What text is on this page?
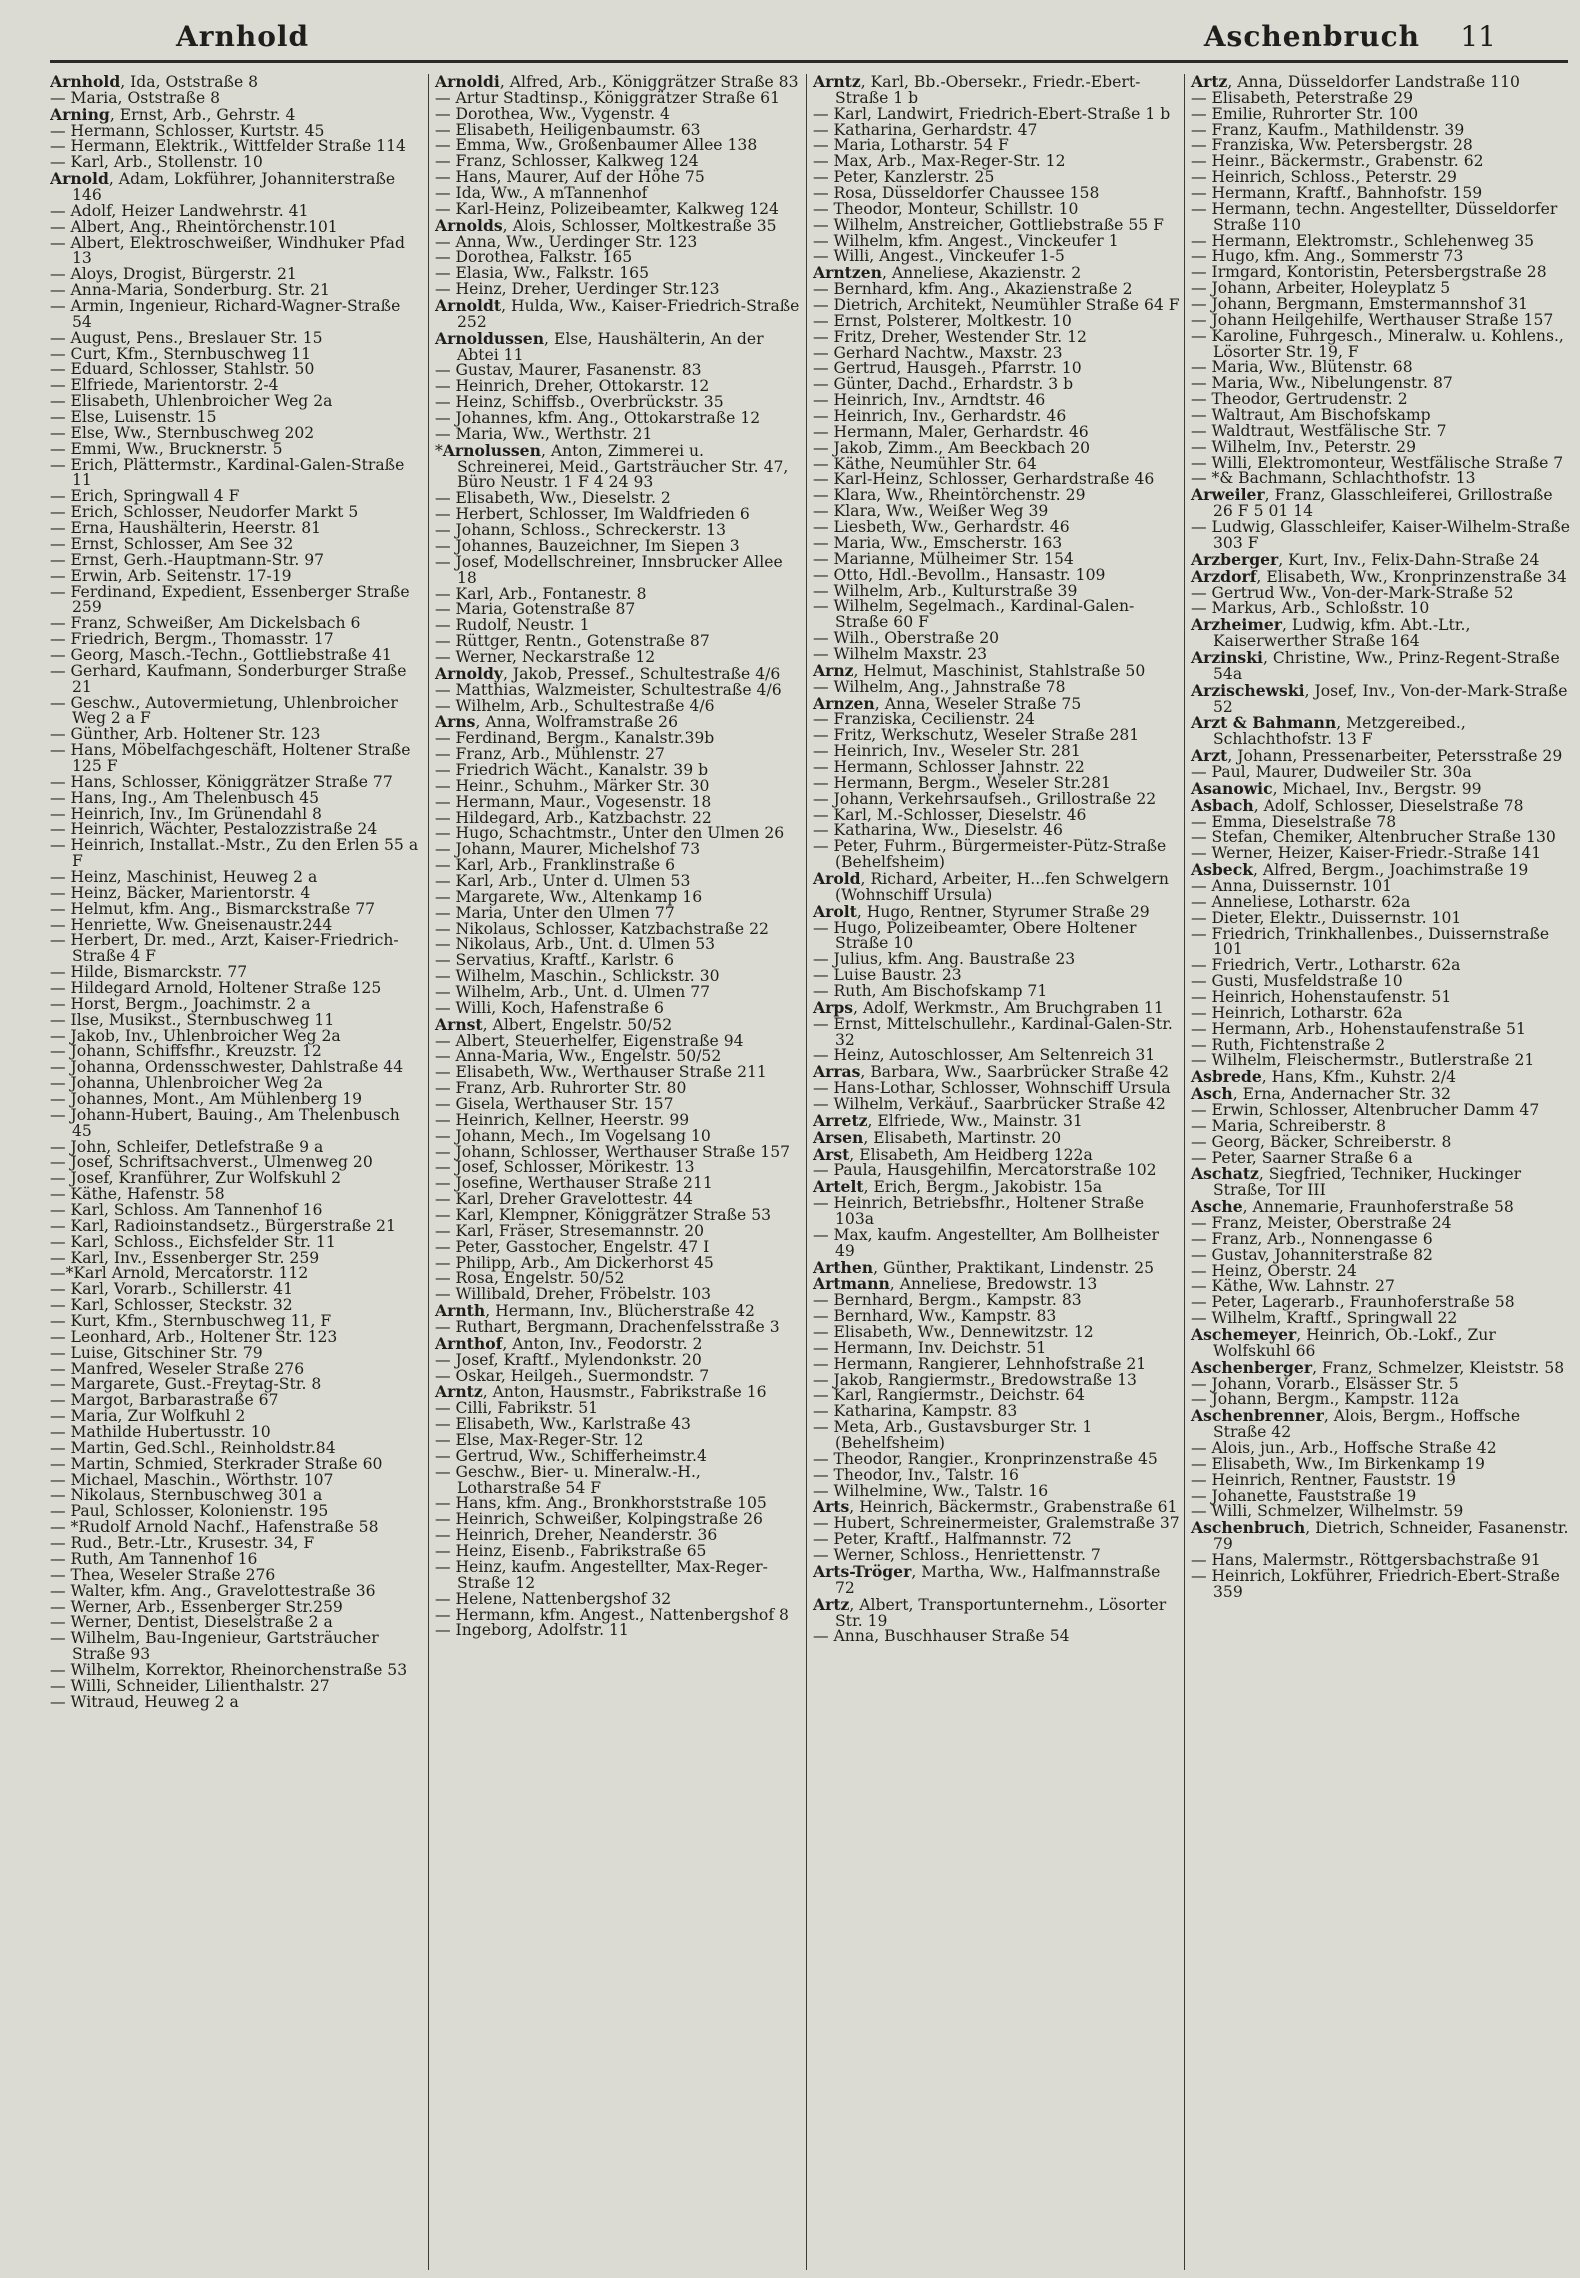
Arnhold	Aschenbruch 11

Arnhold, Ida, Oststraße 8

— Maria, Oststraße 8

Arning, Ernst, Arb., Gehrstr. 4

— Hermann, Schlosser, Kurtstr. 45

— Hermann, Elektrik., Wittfelder Straße 114

— Karl, Arb., Stollenstr. 10

Arnold, Adam, Lokführer, Johanniterstraße 146

— Adolf, Heizer Landwehrstr. 41

— Albert, Ang., Rheintörchenstr.101

— Albert, Elektroschweißer, Windhuker Pfad 13

— Aloys, Drogist, Bürgerstr. 21

— Anna-Maria, Sonderburg. Str. 21

— Armin, Ingenieur, Richard-Wagner-Straße 54

— August, Pens., Breslauer Str. 15

— Curt, Kfm., Sternbuschweg 11

— Eduard, Schlosser, Stahlstr. 50

— Elfriede, Marientorstr. 2-4

— Elisabeth, Uhlenbroicher Weg 2a

— Else, Luisenstr. 15

— Else, Ww., Sternbuschweg 202

— Emmi, Ww., Brucknerstr. 5

— Erich, Plättermstr., Kardinal-Galen-Straße 11

— Erich, Springwall 4 F

— Erich, Schlosser, Neudorfer Markt 5

— Erna, Haushälterin, Heerstr. 81

— Ernst, Schlosser, Am See 32

— Ernst, Gerh.-Hauptmann-Str. 97

— Erwin, Arb. Seitenstr. 17-19

— Ferdinand, Expedient, Essenberger Straße 259

— Franz, Schweißer, Am Dickelsbach 6

— Friedrich, Bergm., Thomasstr. 17

— Georg, Masch.-Techn., Gottliebstraße 41

— Gerhard, Kaufmann, Sonderburger Straße 21

— Geschw., Autovermietung, Uhlenbroicher Weg 2 a F

— Günther, Arb. Holtener Str. 123

— Hans, Möbelfachgeschäft, Holtener Straße 125 F

— Hans, Schlosser, Königgrätzer Straße 77

— Hans, Ing., Am Thelenbusch 45

— Heinrich, Inv., Im Grünendahl 8

— Heinrich, Wächter, Pestalozzistraße 24

— Heinrich, Installat.-Mstr., Zu den Erlen 55 a F

— Heinz, Maschinist, Heuweg 2 a

— Heinz, Bäcker, Marientorstr. 4

— Helmut, kfm. Ang., Bismarckstraße 77

— Henriette, Ww. Gneisenaustr.244

— Herbert, Dr. med., Arzt, Kaiser-Friedrich-Straße 4 F

— Hilde, Bismarckstr. 77

— Hildegard Arnold, Holtener Straße 125

— Horst, Bergm., Joachimstr. 2 a

— Ilse, Musikst., Sternbuschweg 11

— Jakob, Inv., Uhlenbroicher Weg 2a

— Johann, Schiffsfhr., Kreuzstr. 12

— Johanna, Ordensschwester, Dahlstraße 44

— Johanna, Uhlenbroicher Weg 2a

— Johannes, Mont., Am Mühlenberg 19

— Johann-Hubert, Bauing., Am Thelenbusch 45

— John, Schleifer, Detlefstraße 9 a

— Josef, Schriftsachverst., Ulmenweg 20

— Josef, Kranführer, Zur Wolfskuhl 2

— Käthe, Hafenstr. 58

— Karl, Schloss. Am Tannenhof 16

— Karl, Radioinstandsetz., Bürgerstraße 21

— Karl, Schloss., Eichsfelder Str. 11

— Karl, Inv., Essenberger Str. 259

—*Karl Arnold, Mercatorstr. 112

— Karl, Vorarb., Schillerstr. 41

— Karl, Schlosser, Steckstr. 32

— Kurt, Kfm., Sternbuschweg 11, F

— Leonhard, Arb., Holtener Str. 123

— Luise, Gitschiner Str. 79

— Manfred, Weseler Straße 276

— Margarete, Gust.-Freytag-Str. 8

— Margot, Barbarastraße 67

— Maria, Zur Wolfkuhl 2

— Mathilde Hubertusstr. 10

— Martin, Ged.Schl., Reinholdstr.84

— Martin, Schmied, Sterkrader Straße 60

— Michael, Maschin., Wörthstr. 107

— Nikolaus, Sternbuschweg 301 a

— Paul, Schlosser, Kolonienstr. 195

— *Rudolf Arnold Nachf., Hafenstraße 58

— Rud., Betr.-Ltr., Krusestr. 34, F

— Ruth, Am Tannenhof 16

— Thea, Weseler Straße 276

— Walter, kfm. Ang., Gravelottestraße 36

— Werner, Arb., Essenberger Str.259

— Werner, Dentist, Dieselstraße 2 a

— Wilhelm, Bau-Ingenieur, Gartsträucher Straße 93

— Wilhelm, Korrektor, Rheinorchenstraße 53

— Willi, Schneider, Lilienthalstr. 27

— Witraud, Heuweg 2 a

Arnoldi, Alfred, Arb., Königgrätzer Straße 83

— Artur Stadtinsp., Königgrätzer Straße 61

— Dorothea, Ww., Vygenstr. 4

— Elisabeth, Heiligenbaumstr. 63

— Emma, Ww., Großenbaumer Allee 138

— Franz, Schlosser, Kalkweg 124

— Hans, Maurer, Auf der Höhe 75

— Ida, Ww., A mTannenhof

— Karl-Heinz, Polizeibeamter, Kalkweg 124

Arnolds, Alois, Schlosser, Moltkestraße 35

— Anna, Ww., Uerdinger Str. 123

— Dorothea, Falkstr. 165

— Elasia, Ww., Falkstr. 165

— Heinz, Dreher, Uerdinger Str.123

Arnoldt, Hulda, Ww., Kaiser-Friedrich-Straße 252

Arnoldussen, Else, Haushälterin, An der Abtei 11

— Gustav, Maurer, Fasanenstr. 83

— Heinrich, Dreher, Ottokarstr. 12

— Heinz, Schiffsb., Overbrückstr. 35

— Johannes, kfm. Ang., Ottokarstraße 12

— Maria, Ww., Werthstr. 21

*Arnolussen, Anton, Zimmerei u. Schreinerei, Meid., Gartsträucher Str. 47, Büro Neustr. 1 F 4 24 93

— Elisabeth, Ww., Dieselstr. 2

— Herbert, Schlosser, Im Waldfrieden 6

— Johann, Schloss., Schreckerstr. 13

— Johannes, Bauzeichner, Im Siepen 3

— Josef, Modellschreiner, Innsbrucker Allee 18

— Karl, Arb., Fontanestr. 8

— Maria, Gotenstraße 87

— Rudolf, Neustr. 1

— Rüttger, Rentn., Gotenstraße 87

— Werner, Neckarstraße 12

Arnoldy, Jakob, Pressef., Schultestraße 4/6

— Matthias, Walzmeister, Schultestraße 4/6

— Wilhelm, Arb., Schultestraße 4/6

Arns, Anna, Wolframstraße 26

— Ferdinand, Bergm., Kanalstr.39b

— Franz, Arb., Mühlenstr. 27

— Friedrich Wächt., Kanalstr. 39 b

— Heinr., Schuhm., Märker Str. 30

— Hermann, Maur., Vogesenstr. 18

— Hildegard, Arb., Katzbachstr. 22

— Hugo, Schachtmstr., Unter den Ulmen 26

— Johann, Maurer, Michelshof 73

— Karl, Arb., Franklinstraße 6

— Karl, Arb., Unter d. Ulmen 53

— Margarete, Ww., Altenkamp 16

— Maria, Unter den Ulmen 77

— Nikolaus, Schlosser, Katzbachstraße 22

— Nikolaus, Arb., Unt. d. Ulmen 53

— Servatius, Kraftf., Karlstr. 6

— Wilhelm, Maschin., Schlickstr. 30

— Wilhelm, Arb., Unt. d. Ulmen 77

— Willi, Koch, Hafenstraße 6

Arnst, Albert, Engelstr. 50/52

— Albert, Steuerhelfer, Eigenstraße 94

— Anna-Maria, Ww., Engelstr. 50/52

— Elisabeth, Ww., Werthauser Straße 211

— Franz, Arb. Ruhrorter Str. 80

— Gisela, Werthauser Str. 157

— Heinrich, Kellner, Heerstr. 99

— Johann, Mech., Im Vogelsang 10

— Johann, Schlosser, Werthauser Straße 157

— Josef, Schlosser, Mörikestr. 13

— Josefine, Werthauser Straße 211

— Karl, Dreher Gravelottestr. 44

— Karl, Klempner, Königgrätzer Straße 53

— Karl, Fräser, Stresemannstr. 20

— Peter, Gasstocher, Engelstr. 47 I

— Philipp, Arb., Am Dickerhorst 45

— Rosa, Engelstr. 50/52

— Willibald, Dreher, Fröbelstr. 103

Arnth, Hermann, Inv., Blücherstraße 42

— Ruthart, Bergmann, Drachenfelsstraße 3

Arnthof, Anton, Inv., Feodorstr. 2

— Josef, Kraftf., Mylendonkstr. 20

— Oskar, Heilgeh., Suermondstr. 7

Arntz, Anton, Hausmstr., Fabrikstraße 16

— Cilli, Fabrikstr. 51

— Elisabeth, Ww., Karlstraße 43

— Else, Max-Reger-Str. 12

— Gertrud, Ww., Schifferheimstr.4

— Geschw., Bier- u. Mineralw.-H., Lotharstraße 54 F

— Hans, kfm. Ang., Bronkhorststraße 105

— Heinrich, Schweißer, Kolpingstraße 26

— Heinrich, Dreher, Neanderstr. 36

— Heinz, Eisenb., Fabrikstraße 65

— Heinz, kaufm. Angestellter, Max-Reger-Straße 12

— Helene, Nattenbergshof 32

— Hermann, kfm. Angest., Nattenbergshof 8

— Ingeborg, Adolfstr. 11

Arntz, Karl, Bb.-Obersekr., Friedr.-Ebert-Straße 1 b

— Karl, Landwirt, Friedrich-Ebert-Straße 1 b

— Katharina, Gerhardstr. 47

— Maria, Lotharstr. 54 F

— Max, Arb., Max-Reger-Str. 12

— Peter, Kanzlerstr. 25

— Rosa, Düsseldorfer Chaussee 158

— Theodor, Monteur, Schillstr. 10

— Wilhelm, Anstreicher, Gottliebstraße 55 F

— Wilhelm, kfm. Angest., Vinckeufer 1

— Willi, Angest., Vinckeufer 1-5

Arntzen, Anneliese, Akazienstr. 2

— Bernhard, kfm. Ang., Akazienstraße 2

— Dietrich, Architekt, Neumühler Straße 64 F

— Ernst, Polsterer, Moltkestr. 10

— Fritz, Dreher, Westender Str. 12

— Gerhard Nachtw., Maxstr. 23

— Gertrud, Hausgeh., Pfarrstr. 10

— Günter, Dachd., Erhardstr. 3 b

— Heinrich, Inv., Arndtstr. 46

— Heinrich, Inv., Gerhardstr. 46

— Hermann, Maler, Gerhardstr. 46

— Jakob, Zimm., Am Beeckbach 20

— Käthe, Neumühler Str. 64

— Karl-Heinz, Schlosser, Gerhardstraße 46

— Klara, Ww., Rheintörchenstr. 29

— Klara, Ww., Weißer Weg 39

— Liesbeth, Ww., Gerhardstr. 46

— Maria, Ww., Emscherstr. 163

— Marianne, Mülheimer Str. 154

— Otto, Hdl.-Bevollm., Hansastr. 109

— Wilhelm, Arb., Kulturstraße 39

— Wilhelm, Segelmach., Kardinal-Galen-Straße 60 F

— Wilh., Oberstraße 20

— Wilhelm Maxstr. 23

Arnz, Helmut, Maschinist, Stahlstraße 50

— Wilhelm, Ang., Jahnstraße 78

Arnzen, Anna, Weseler Straße 75

— Franziska, Cecilienstr. 24

— Fritz, Werkschutz, Weseler Straße 281

— Heinrich, Inv., Weseler Str. 281

— Hermann, Schlosser Jahnstr. 22

— Hermann, Bergm., Weseler Str.281

— Johann, Verkehrsaufseh., Grillostraße 22

— Karl, M.-Schlosser, Dieselstr. 46

— Katharina, Ww., Dieselstr. 46

— Peter, Fuhrm., Bürgermeister-Pütz-Straße (Behelfsheim)

Arold, Richard, Arbeiter, H...fen Schwelgern (Wohnschiff Ursula)

Arolt, Hugo, Rentner, Styrumer Straße 29

— Hugo, Polizeibeamter, Obere Holtener Straße 10

— Julius, kfm. Ang. Baustraße 23

— Luise Baustr. 23

— Ruth, Am Bischofskamp 71

Arps, Adolf, Werkmstr., Am Bruchgraben 11

— Ernst, Mittelschullehr., Kardinal-Galen-Str. 32

— Heinz, Autoschlosser, Am Seltenreich 31

Arras, Barbara, Ww., Saarbrücker Straße 42

— Hans-Lothar, Schlosser, Wohnschiff Ursula

— Wilhelm, Verkäuf., Saarbrücker Straße 42

Arretz, Elfriede, Ww., Mainstr. 31

Arsen, Elisabeth, Martinstr. 20

Arst, Elisabeth, Am Heidberg 122a

— Paula, Hausgehilfin, Mercatorstraße 102

Artelt, Erich, Bergm., Jakobistr. 15a

— Heinrich, Betriebsfhr., Holtener Straße 103a

— Max, kaufm. Angestellter, Am Bollheister 49

Arthen, Günther, Praktikant, Lindenstr. 25

Artmann, Anneliese, Bredowstr. 13

— Bernhard, Bergm., Kampstr. 83

— Bernhard, Ww., Kampstr. 83

— Elisabeth, Ww., Dennewitzstr. 12

— Hermann, Inv. Deichstr. 51

— Hermann, Rangierer, Lehnhofstraße 21

— Jakob, Rangiermstr., Bredowstraße 13

— Karl, Rangiermstr., Deichstr. 64

— Katharina, Kampstr. 83

— Meta, Arb., Gustavsburger Str. 1 (Behelfsheim)

— Theodor, Rangier., Kronprinzenstraße 45

— Theodor, Inv., Talstr. 16

— Wilhelmine, Ww., Talstr. 16

Arts, Heinrich, Bäckermstr., Grabenstraße 61

— Hubert, Schreinermeister, Gralemstraße 37

— Peter, Kraftf., Halfmannstr. 72

— Werner, Schloss., Henriettenstr. 7

Arts-Tröger, Martha, Ww., Halfmannstraße 72

Artz, Albert, Transportunternehm., Lösorter Str. 19

— Anna, Buschhauser Straße 54

Artz, Anna, Düsseldorfer Landstraße 110

— Elisabeth, Peterstraße 29

— Emilie, Ruhrorter Str. 100

— Franz, Kaufm., Mathildenstr. 39

— Franziska, Ww. Petersbergstr. 28

— Heinr., Bäckermstr., Grabenstr. 62

— Heinrich, Schloss., Peterstr. 29

— Hermann, Kraftf., Bahnhofstr. 159

— Hermann, techn. Angestellter, Düsseldorfer Straße 110

— Hermann, Elektromstr., Schlehenweg 35

— Hugo, kfm. Ang., Sommerstr 73

— Irmgard, Kontoristin, Petersbergstraße 28

— Johann, Arbeiter, Holeyplatz 5

— Johann, Bergmann, Emstermannshof 31

— Johann Heilgehilfe, Werthauser Straße 157

— Karoline, Fuhrgesch., Mineralw. u. Kohlens., Lösorter Str. 19, F

— Maria, Ww., Blütenstr. 68

— Maria, Ww., Nibelungenstr. 87

— Theodor, Gertrudenstr. 2

— Waltraut, Am Bischofskamp

— Waldtraut, Westfälische Str. 7

— Wilhelm, Inv., Peterstr. 29

— Willi, Elektromonteur, Westfälische Straße 7

— *& Bachmann, Schlachthofstr. 13

Arweiler, Franz, Glasschleiferei, Grillostraße 26 F 5 01 14

— Ludwig, Glasschleifer, Kaiser-Wilhelm-Straße 303 F

Arzberger, Kurt, Inv., Felix-Dahn-Straße 24

Arzdorf, Elisabeth, Ww., Kronprinzenstraße 34

— Gertrud Ww., Von-der-Mark-Straße 52

— Markus, Arb., Schloßstr. 10

Arzheimer, Ludwig, kfm. Abt.-Ltr., Kaiserwerther Straße 164

Arzinski, Christine, Ww., Prinz-Regent-Straße 54a

Arzischewski, Josef, Inv., Von-der-Mark-Straße 52

Arzt & Bahmann, Metzgereibed., Schlachthofstr. 13 F

Arzt, Johann, Pressenarbeiter, Petersstraße 29

— Paul, Maurer, Dudweiler Str. 30a

Asanowic, Michael, Inv., Bergstr. 99

Asbach, Adolf, Schlosser, Dieselstraße 78

— Emma, Dieselstraße 78

— Stefan, Chemiker, Altenbrucher Straße 130

— Werner, Heizer, Kaiser-Friedr.-Straße 141

Asbeck, Alfred, Bergm., Joachimstraße 19

— Anna, Duissernstr. 101

— Anneliese, Lotharstr. 62a

— Dieter, Elektr., Duissernstr. 101

— Friedrich, Trinkhallenbes., Duissernstraße 101

— Friedrich, Vertr., Lotharstr. 62a

— Gusti, Musfeldstraße 10

— Heinrich, Hohenstaufenstr. 51

— Heinrich, Lotharstr. 62a

— Hermann, Arb., Hohenstaufenstraße 51

— Ruth, Fichtenstraße 2

— Wilhelm, Fleischermstr., Butlerstraße 21

Asbrede, Hans, Kfm., Kuhstr. 2/4

Asch, Erna, Andernacher Str. 32

— Erwin, Schlosser, Altenbrucher Damm 47

— Maria, Schreiberstr. 8

— Georg, Bäcker, Schreiberstr. 8

— Peter, Saarner Straße 6 a

Aschatz, Siegfried, Techniker, Huckinger Straße, Tor III

Asche, Annemarie, Fraunhoferstraße 58

— Franz, Meister, Oberstraße 24

— Franz, Arb., Nonnengasse 6

— Gustav, Johanniterstraße 82

— Heinz, Oberstr. 24

— Käthe, Ww. Lahnstr. 27

— Peter, Lagerarb., Fraunhoferstraße 58

— Wilhelm, Kraftf., Springwall 22

Aschemeyer, Heinrich, Ob.-Lokf., Zur Wolfskuhl 66

Aschenberger, Franz, Schmelzer, Kleiststr. 58

— Johann, Vorarb., Elsässer Str. 5

— Johann, Bergm., Kampstr. 112a

Aschenbrenner, Alois, Bergm., Hoffsche Straße 42

— Alois, jun., Arb., Hoffsche Straße 42

— Elisabeth, Ww., Im Birkenkamp 19

— Heinrich, Rentner, Fauststr. 19

— Johanette, Fauststraße 19

— Willi, Schmelzer, Wilhelmstr. 59

Aschenbruch, Dietrich, Schneider, Fasanenstr. 79

— Hans, Malermstr., Röttgersbachstraße 91

— Heinrich, Lokführer, Friedrich-Ebert-Straße 359
